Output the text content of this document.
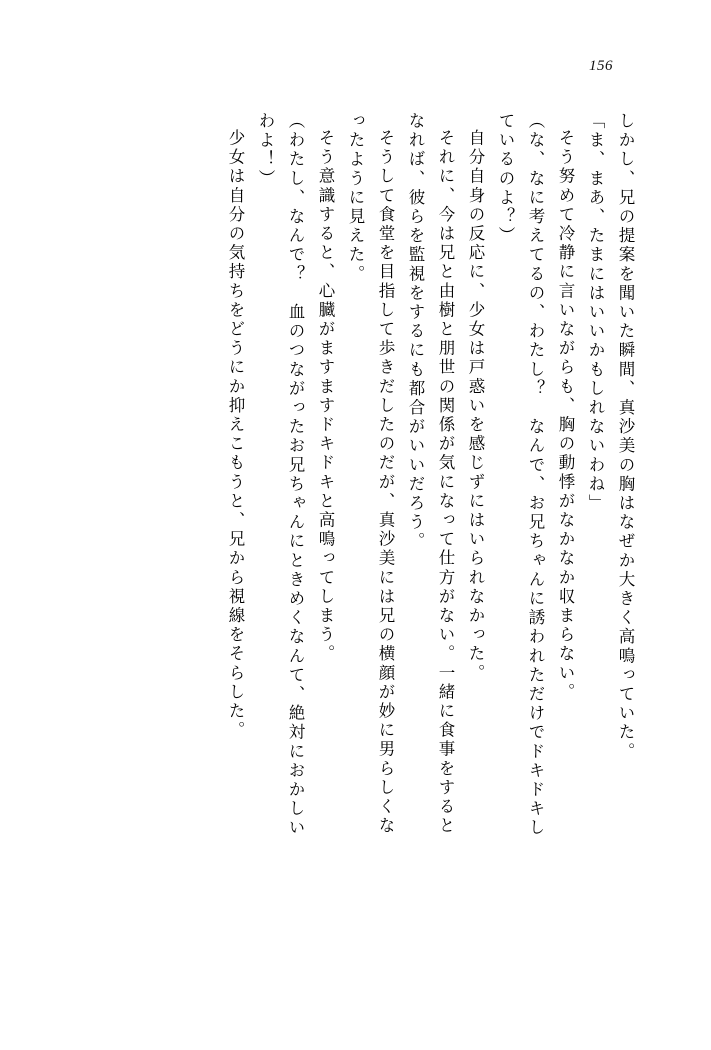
156
しかし、兄の提案を聞いた瞬間、真沙美の胸はなぜか大きく高鳴っていた。
「ま、まあ、たまにはいいかもしれないわね」
そう努めて冷静に言いながらも、胸の動悸がなかなか収まらない。
（な、なに考えてるの、わたし？　なんで、お兄ちゃんに誘われただけでドキドキし
ているのよ？）
自分自身の反応に、少女は戸惑いを感じずにはいられなかった。
それに、今は兄と由樹と朋世の関係が気になって仕方がない。一緒に食事をすると
なれば、彼らを監視をするにも都合がいいだろう。
そうして食堂を目指して歩きだしたのだが、真沙美には兄の横顔が妙に男らしくな
ったように見えた。
そう意識すると、心臓がますますドキドキと高鳴ってしまう。
（わたし、なんで？　血のつながったお兄ちゃんにときめくなんて、絶対におかしい
わよ！）
少女は自分の気持ちをどうにか抑えこもうと、兄から視線をそらした。
